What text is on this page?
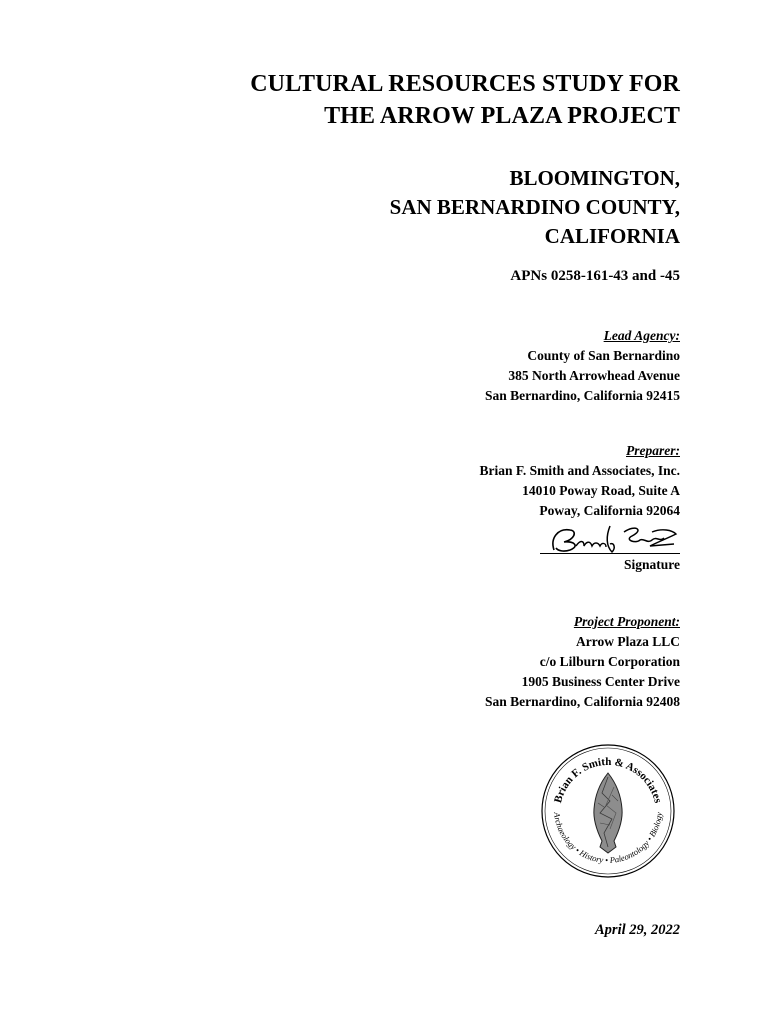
CULTURAL RESOURCES STUDY FOR
THE ARROW PLAZA PROJECT
BLOOMINGTON,
SAN BERNARDINO COUNTY,
CALIFORNIA
APNs 0258-161-43 and -45
Lead Agency:
County of San Bernardino
385 North Arrowhead Avenue
San Bernardino, California 92415
Preparer:
Brian F. Smith and Associates, Inc.
14010 Poway Road, Suite A
Poway, California 92064
Signature
Project Proponent:
Arrow Plaza LLC
c/o Lilburn Corporation
1905 Business Center Drive
San Bernardino, California 92408
Brian F. Smith & Associates
Archaeology • History • Paleontology • Biology
April 29, 2022
